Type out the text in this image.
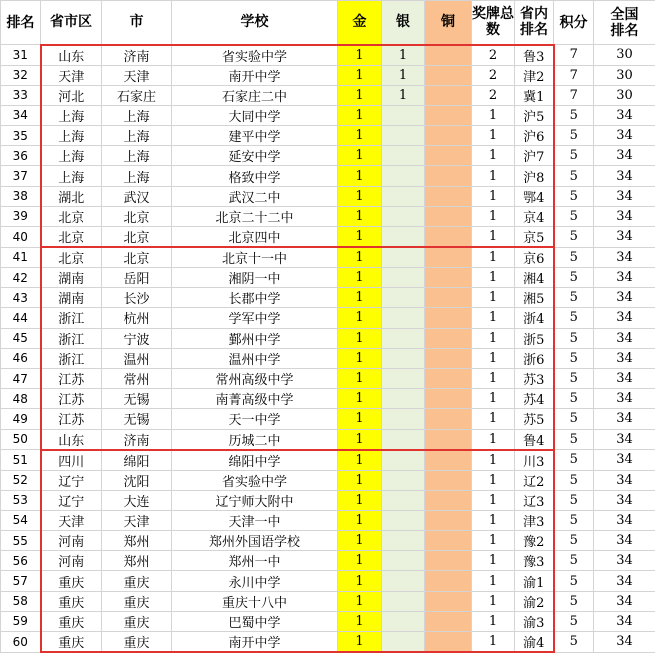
排名	省市区	市	学校	金	银	铜	奖牌总数	省内排名	积分	全国排名
31	山东	济南	省实验中学	1	1		2	鲁3	7	30
32	天津	天津	南开中学	1	1		2	津2	7	30
33	河北	石家庄	石家庄二中	1	1		2	冀1	7	30
34	上海	上海	大同中学	1			1	沪5	5	34
35	上海	上海	建平中学	1			1	沪6	5	34
36	上海	上海	延安中学	1			1	沪7	5	34
37	上海	上海	格致中学	1			1	沪8	5	34
38	湖北	武汉	武汉二中	1			1	鄂4	5	34
39	北京	北京	北京二十二中	1			1	京4	5	34
40	北京	北京	北京四中	1			1	京5	5	34
41	北京	北京	北京十一中	1			1	京6	5	34
42	湖南	岳阳	湘阴一中	1			1	湘4	5	34
43	湖南	长沙	长郡中学	1			1	湘5	5	34
44	浙江	杭州	学军中学	1			1	浙4	5	34
45	浙江	宁波	鄞州中学	1			1	浙5	5	34
46	浙江	温州	温州中学	1			1	浙6	5	34
47	江苏	常州	常州高级中学	1			1	苏3	5	34
48	江苏	无锡	南菁高级中学	1			1	苏4	5	34
49	江苏	无锡	天一中学	1			1	苏5	5	34
50	山东	济南	历城二中	1			1	鲁4	5	34
51	四川	绵阳	绵阳中学	1			1	川3	5	34
52	辽宁	沈阳	省实验中学	1			1	辽2	5	34
53	辽宁	大连	辽宁师大附中	1			1	辽3	5	34
54	天津	天津	天津一中	1			1	津3	5	34
55	河南	郑州	郑州外国语学校	1			1	豫2	5	34
56	河南	郑州	郑州一中	1			1	豫3	5	34
57	重庆	重庆	永川中学	1			1	渝1	5	34
58	重庆	重庆	重庆十八中	1			1	渝2	5	34
59	重庆	重庆	巴蜀中学	1			1	渝3	5	34
60	重庆	重庆	南开中学	1			1	渝4	5	34
